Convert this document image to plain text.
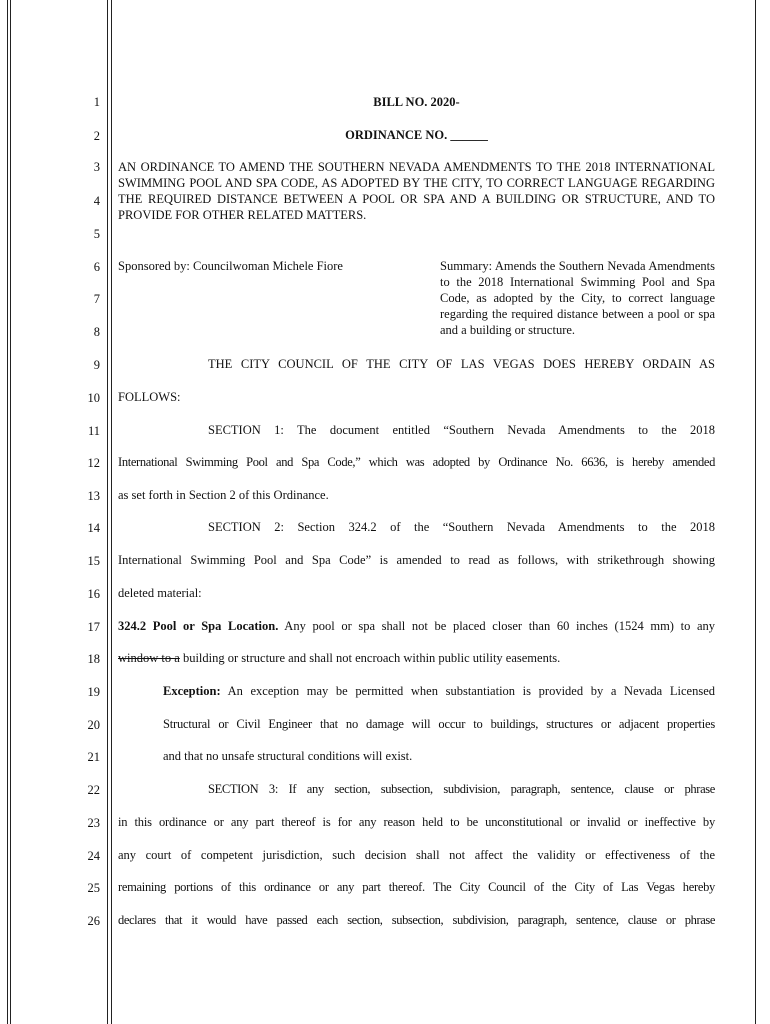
1
2
3
4
5
6
7
8
9
10
11
12
13
14
15
16
17
18
19
20
21
22
23
24
25
26
BILL NO. 2020-
ORDINANCE NO. ______
AN ORDINANCE TO AMEND THE SOUTHERN NEVADA AMENDMENTS TO THE 2018 INTERNATIONAL SWIMMING POOL AND SPA CODE, AS ADOPTED BY THE CITY, TO CORRECT LANGUAGE REGARDING THE REQUIRED DISTANCE BETWEEN A POOL OR SPA AND A BUILDING OR STRUCTURE, AND TO PROVIDE FOR OTHER RELATED MATTERS.
Sponsored by: Councilwoman Michele Fiore	Summary: Amends the Southern Nevada Amendments to the 2018 International Swimming Pool and Spa Code, as adopted by the City, to correct language regarding the required distance between a pool or spa and a building or structure.
THE CITY COUNCIL OF THE CITY OF LAS VEGAS DOES HEREBY ORDAIN AS
FOLLOWS:
SECTION 1: The document entitled “Southern Nevada Amendments to the 2018
International Swimming Pool and Spa Code,” which was adopted by Ordinance No. 6636, is hereby amended
as set forth in Section 2 of this Ordinance.
SECTION 2: Section 324.2 of the “Southern Nevada Amendments to the 2018
International Swimming Pool and Spa Code” is amended to read as follows, with strikethrough showing
deleted material:
324.2 Pool or Spa Location. Any pool or spa shall not be placed closer than 60 inches (1524 mm) to any
window to a building or structure and shall not encroach within public utility easements.
Exception: An exception may be permitted when substantiation is provided by a Nevada Licensed
Structural or Civil Engineer that no damage will occur to buildings, structures or adjacent properties
and that no unsafe structural conditions will exist.
SECTION 3: If any section, subsection, subdivision, paragraph, sentence, clause or phrase
in this ordinance or any part thereof is for any reason held to be unconstitutional or invalid or ineffective by
any court of competent jurisdiction, such decision shall not affect the validity or effectiveness of the
remaining portions of this ordinance or any part thereof. The City Council of the City of Las Vegas hereby
declares that it would have passed each section, subsection, subdivision, paragraph, sentence, clause or phrase
